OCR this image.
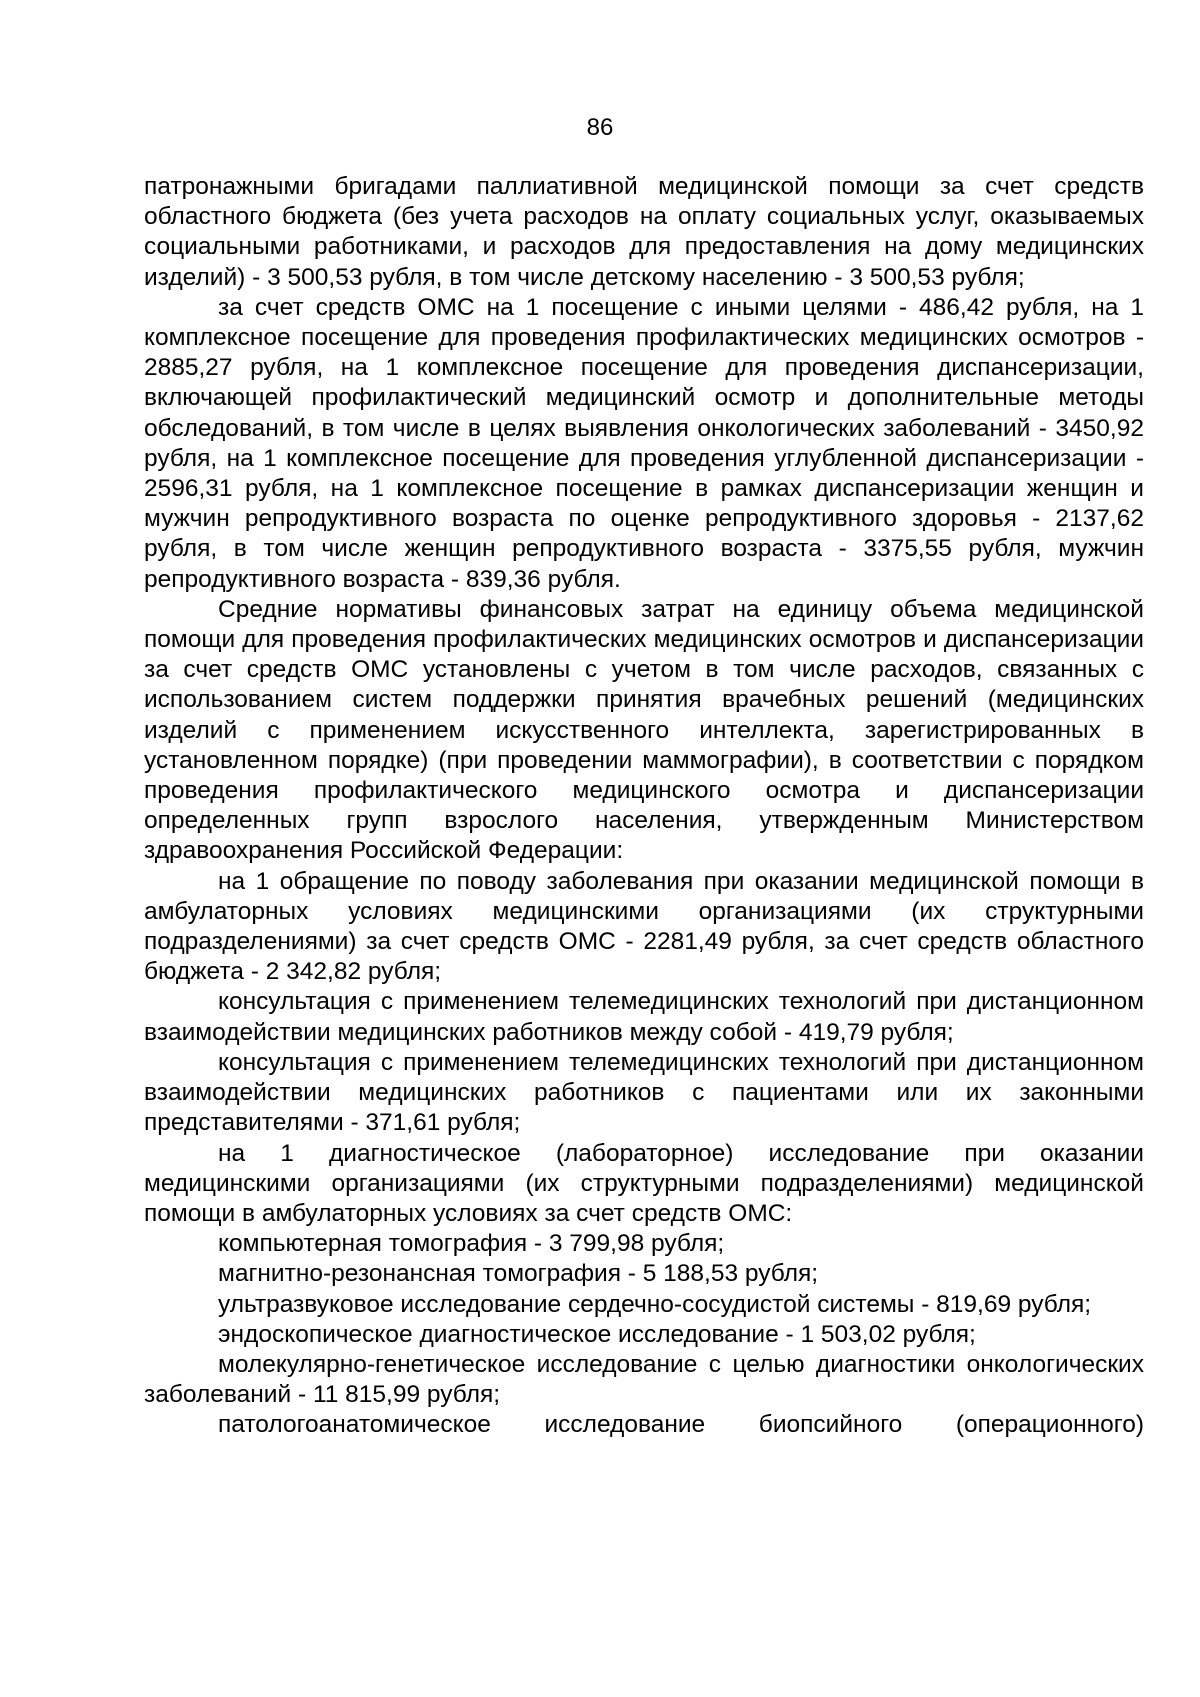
86

патронажными бригадами паллиативной медицинской помощи за счет средств областного бюджета (без учета расходов на оплату социальных услуг, оказываемых социальными работниками, и расходов для предоставления на дому медицинских изделий) - 3 500,53 рубля, в том числе детскому населению - 3 500,53 рубля;

за счет средств ОМС на 1 посещение с иными целями - 486,42 рубля, на 1 комплексное посещение для проведения профилактических медицинских осмотров - 2885,27 рубля, на 1 комплексное посещение для проведения диспансеризации, включающей профилактический медицинский осмотр и дополнительные методы обследований, в том числе в целях выявления онкологических заболеваний - 3450,92 рубля, на 1 комплексное посещение для проведения углубленной диспансеризации - 2596,31 рубля, на 1 комплексное посещение в рамках диспансеризации женщин и мужчин репродуктивного возраста по оценке репродуктивного здоровья - 2137,62 рубля, в том числе женщин репродуктивного возраста - 3375,55 рубля, мужчин репродуктивного возраста - 839,36 рубля.

Средние нормативы финансовых затрат на единицу объема медицинской помощи для проведения профилактических медицинских осмотров и диспансеризации за счет средств ОМС установлены с учетом в том числе расходов, связанных с использованием систем поддержки принятия врачебных решений (медицинских изделий с применением искусственного интеллекта, зарегистрированных в установленном порядке) (при проведении маммографии), в соответствии с порядком проведения профилактического медицинского осмотра и диспансеризации определенных групп взрослого населения, утвержденным Министерством здравоохранения Российской Федерации:

на 1 обращение по поводу заболевания при оказании медицинской помощи в амбулаторных условиях медицинскими организациями (их структурными подразделениями) за счет средств ОМС - 2281,49 рубля, за счет средств областного бюджета - 2 342,82 рубля;

консультация с применением телемедицинских технологий при дистанционном взаимодействии медицинских работников между собой - 419,79 рубля;

консультация с применением телемедицинских технологий при дистанционном взаимодействии медицинских работников с пациентами или их законными представителями - 371,61 рубля;

на 1 диагностическое (лабораторное) исследование при оказании медицинскими организациями (их структурными подразделениями) медицинской помощи в амбулаторных условиях за счет средств ОМС:

компьютерная томография - 3 799,98 рубля;

магнитно-резонансная томография - 5 188,53 рубля;

ультразвуковое исследование сердечно-сосудистой системы - 819,69 рубля;

эндоскопическое диагностическое исследование - 1 503,02 рубля;

молекулярно-генетическое исследование с целью диагностики онкологических заболеваний - 11 815,99 рубля;

патологоанатомическое исследование биопсийного (операционного)
